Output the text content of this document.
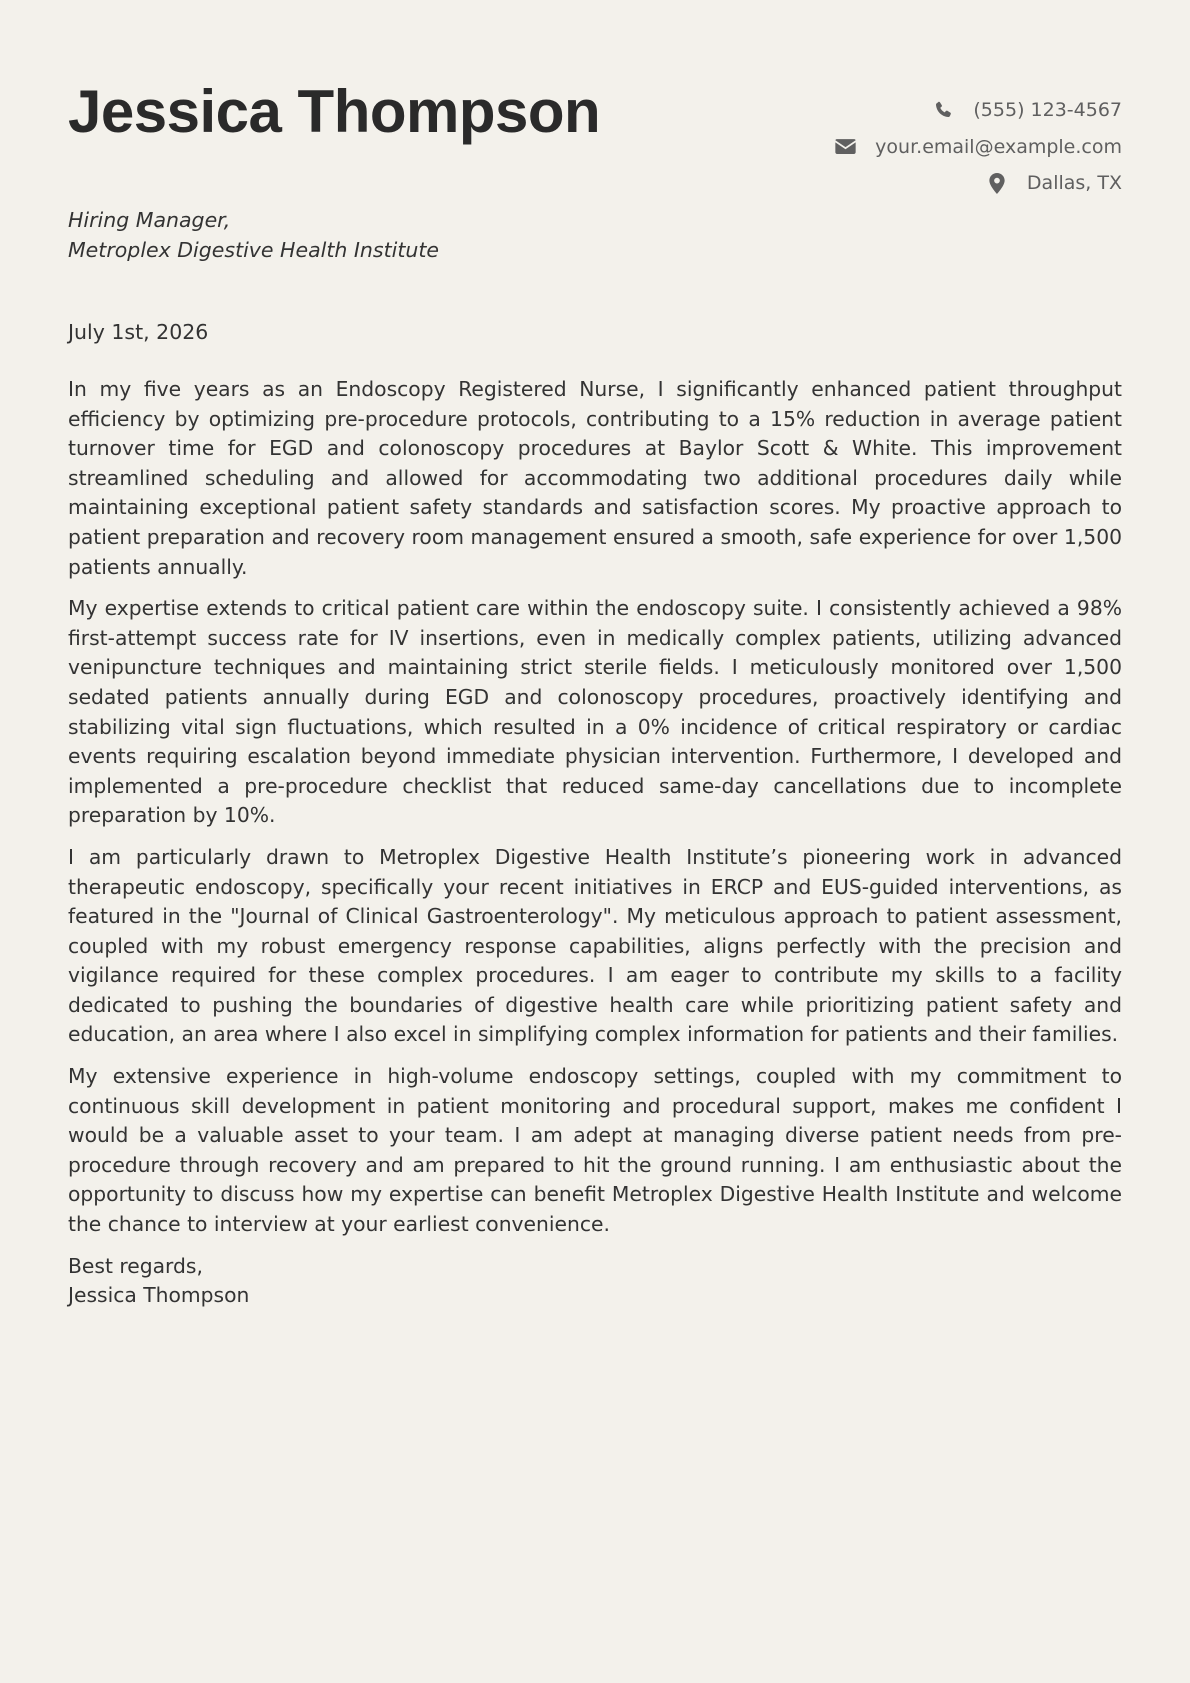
Jessica Thompson	(555) 123-4567
your.email@example.com
Dallas, TX

Hiring Manager,

Metroplex Digestive Health Institute

July 1st, 2026

In my five years as an Endoscopy Registered Nurse, I significantly enhanced patient throughput efficiency by optimizing pre-procedure protocols, contributing to a 15% reduction in average patient turnover time for EGD and colonoscopy procedures at Baylor Scott & White. This improvement streamlined scheduling and allowed for accommodating two additional procedures daily while maintaining exceptional patient safety standards and satisfaction scores. My proactive approach to patient preparation and recovery room management ensured a smooth, safe experience for over 1,500 patients annually.

My expertise extends to critical patient care within the endoscopy suite. I consistently achieved a 98% first-attempt success rate for IV insertions, even in medically complex patients, utilizing advanced venipuncture techniques and maintaining strict sterile fields. I meticulously monitored over 1,500 sedated patients annually during EGD and colonoscopy procedures, proactively identifying and stabilizing vital sign fluctuations, which resulted in a 0% incidence of critical respiratory or cardiac events requiring escalation beyond immediate physician intervention. Furthermore, I developed and implemented a pre-procedure checklist that reduced same-day cancellations due to incomplete preparation by 10%.

I am particularly drawn to Metroplex Digestive Health Institute’s pioneering work in advanced therapeutic endoscopy, specifically your recent initiatives in ERCP and EUS-guided interventions, as featured in the "Journal of Clinical Gastroenterology". My meticulous approach to patient assessment, coupled with my robust emergency response capabilities, aligns perfectly with the precision and vigilance required for these complex procedures. I am eager to contribute my skills to a facility dedicated to pushing the boundaries of digestive health care while prioritizing patient safety and education, an area where I also excel in simplifying complex information for patients and their families.

My extensive experience in high-volume endoscopy settings, coupled with my commitment to continuous skill development in patient monitoring and procedural support, makes me confident I would be a valuable asset to your team. I am adept at managing diverse patient needs from pre-procedure through recovery and am prepared to hit the ground running. I am enthusiastic about the opportunity to discuss how my expertise can benefit Metroplex Digestive Health Institute and welcome the chance to interview at your earliest convenience.

Best regards,
Jessica Thompson
